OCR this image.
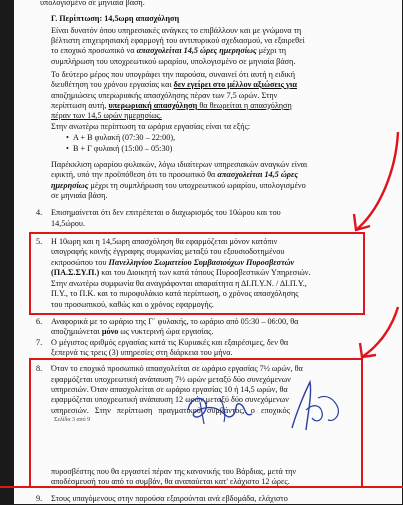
υπολογισμένο σε μηνιαία βάση.
Γ. Περίπτωση: 14,5ωρη απασχόληση
Είναι δυνατόν όπου υπηρεσιακές ανάγκες το επιβάλλουν και με γνώμονα τη
βέλτιστη επιχειρησιακή εφαρμογή του αντιπυρικού σχεδιασμού, να εξαιρεθεί
το εποχικό προσωπικό να απασχολείται 14,5 ώρες ημερησίως μέχρι τη
συμπλήρωση του υποχρεωτικού ωραρίου, υπολογισμένο σε μηνιαία βάση.
Το δεύτερο μέρος που υπογράφει την παρούσα, συναινεί ότι αυτή η ειδική
διευθέτηση του χρόνου εργασίας και δεν εγείρει στο μέλλον αξιώσεις για
αποζημιώσεις υπερωριακής απασχόλησης πέραν των 7,5 ωρών. Στην
περίπτωση αυτή, υπερωριακή απασχόληση θα θεωρείται η απασχόληση
πέραν των 14,5 ωρών ημερησίως.
Στην ανωτέρω περίπτωση τα ωράρια εργασίας είναι τα εξής:
•  Α + Β φυλακή (07:30 – 22:00),
•  Β + Γ φυλακή (15:00 – 05:30)
Παρέκκλιση ωραρίου φυλακών, λόγω ιδιαίτερων υπηρεσιακών αναγκών είναι
εφικτή, υπό την προϋπόθεση ότι το προσωπικό θα απασχολείται 14,5 ώρες
ημερησίως μέχρι τη συμπλήρωση του υποχρεωτικού ωραρίου, υπολογισμένο
σε μηνιαία βάση.
4. Επισημαίνεται ότι δεν επιτρέπεται ο διαχωρισμός του 10ώρου και του
14,5ώρου.
5. Η 10ωρη και η 14,5ωρη απασχόληση θα εφαρμόζεται μόνον κατόπιν
υπογραφής κοινής έγγραφης συμφωνίας μεταξύ του εξουσιοδοτημένου
εκπροσώπου του Πανελληνίου Σωματείου Συμβασιούχων Πυροσβεστών
(ΠΑ.Σ.ΣΥ.Π.) και του Διοικητή των κατά τόπους Πυροσβεστικών Υπηρεσιών.
Στην ανωτέρω συμφωνία θα αναγράφονται απαραίτητα η ΔΙ.Π.Υ.Ν. / ΔΙ.Π.Υ.,
Π.Υ., το Π.Κ. και το πυροφυλάκιο κατά περίπτωση, ο χρόνος απασχόλησης
του προσωπικού, καθώς και ο χρόνος εφαρμογής.
6. Αναφορικά με το ωράριο της Γ΄ φυλακής, το ωράριο από 05:30 – 06:00, θα
αποζημιώνεται μόνο ως νυκτερινή ώρα εργασίας.
7. Ο μέγιστος αριθμός εργασίας κατά τις Κυριακές και εξαιρέσιμες, δεν θα
ξεπερνά τις τρεις (3) υπηρεσίες στη διάρκεια του μήνα.
8. Όταν το εποχικό προσωπικό απασχολείται σε ωράριο εργασίας 7½ ωρών, θα
εφαρμόζεται υποχρεωτική ανάπαυση 7½ ωρών μεταξύ δύο συνεχόμενων
υπηρεσιών. Όταν απασχολείται σε ωράριο εργασίας 10 ή 14,5 ωρών, θα
εφαρμόζεται υποχρεωτική ανάπαυση 12 ωρών μεταξύ δύο συνεχόμενων
υπηρεσιών.   Στην   περίπτωση   πραγματικού   συμβάντος,   ο   εποχικός
Σελίδα 3 από 9
πυροσβέστης που θα εργαστεί πέραν της κανονικής του Βάρδιας, μετά την
αποδέσμευσή του από το συμβάν, θα αναπαύεται κατ' ελάχιστο 12 ώρες.
9. Στους υπαγόμενους στην παρούσα εξαιρούνται ανά εβδομάδα, ελάχιστο
